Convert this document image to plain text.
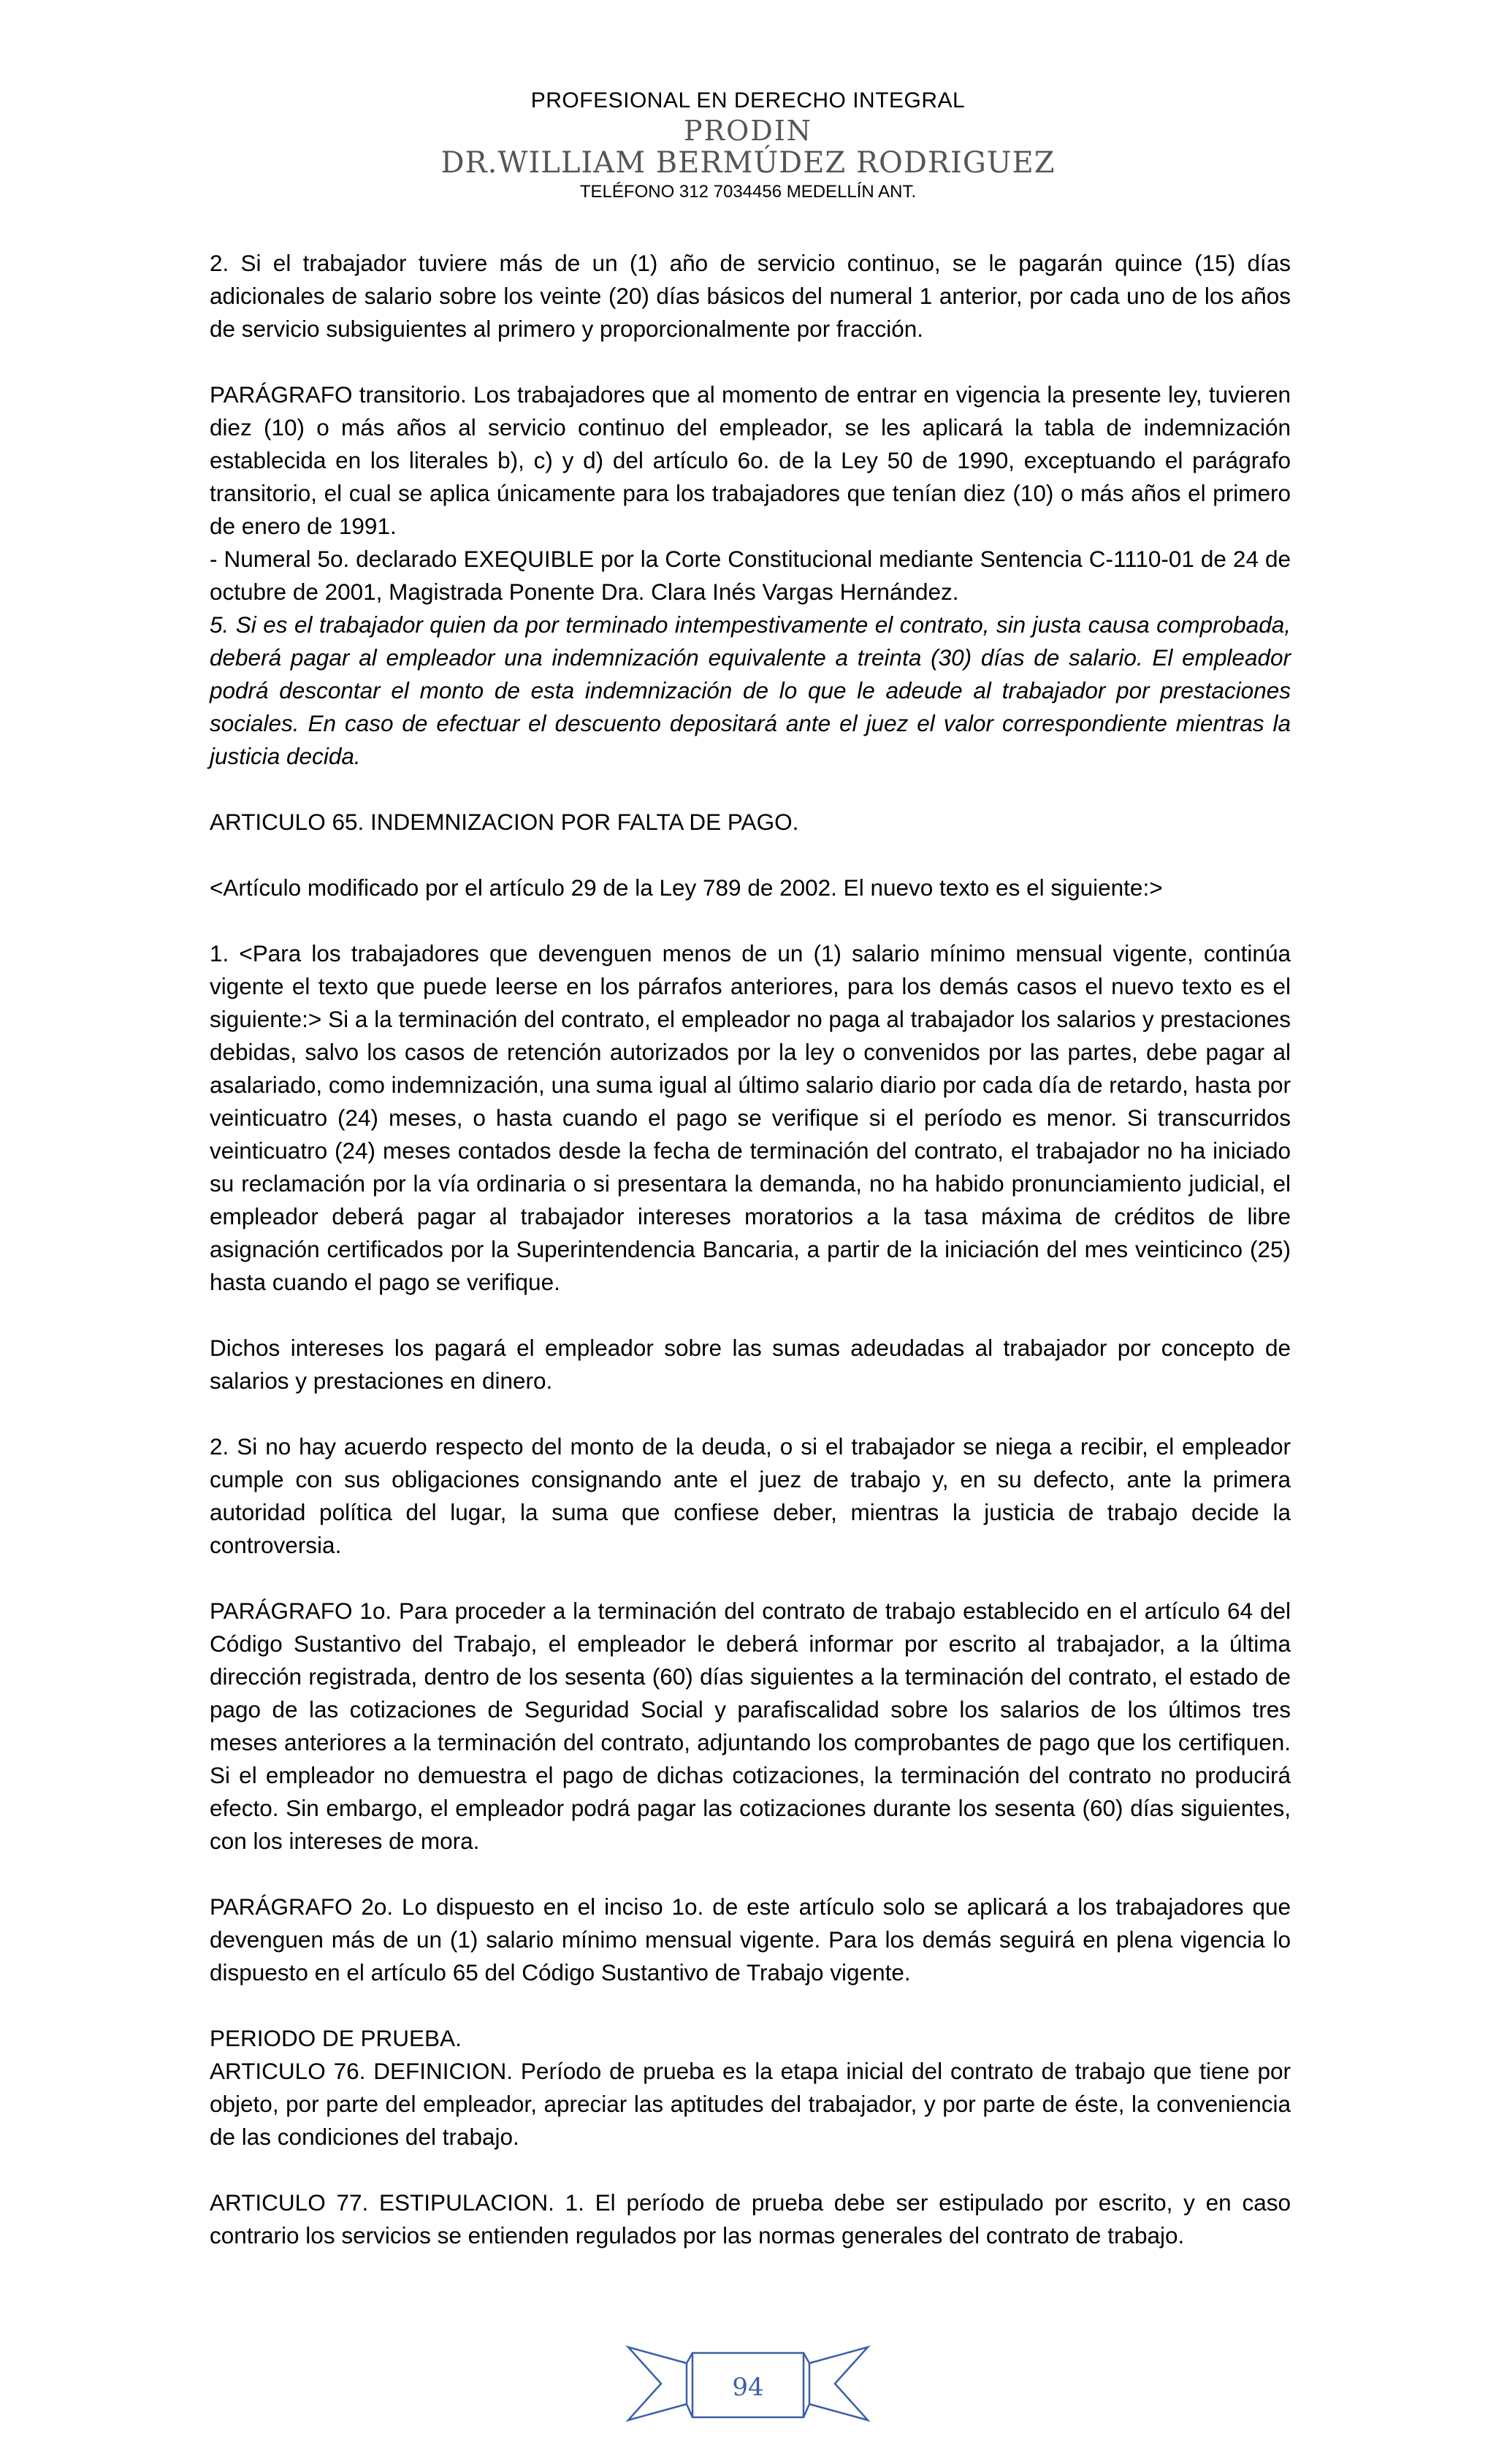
PROFESIONAL EN DERECHO INTEGRAL
PRODIN
DR.WILLIAM BERMÚDEZ RODRIGUEZ
TELÉFONO 312 7034456 MEDELLÍN ANT.

2. Si el trabajador tuviere más de un (1) año de servicio continuo, se le pagarán quince (15) días adicionales de salario sobre los veinte (20) días básicos del numeral 1 anterior, por cada uno de los años de servicio subsiguientes al primero y proporcionalmente por fracción.

PARÁGRAFO transitorio. Los trabajadores que al momento de entrar en vigencia la presente ley, tuvieren diez (10) o más años al servicio continuo del empleador, se les aplicará la tabla de indemnización establecida en los literales b), c) y d) del artículo 6o. de la Ley 50 de 1990, exceptuando el parágrafo transitorio, el cual se aplica únicamente para los trabajadores que tenían diez (10) o más años el primero de enero de 1991.

- Numeral 5o. declarado EXEQUIBLE por la Corte Constitucional mediante Sentencia C-1110-01 de 24 de octubre de 2001, Magistrada Ponente Dra. Clara Inés Vargas Hernández.

5. Si es el trabajador quien da por terminado intempestivamente el contrato, sin justa causa comprobada, deberá pagar al empleador una indemnización equivalente a treinta (30) días de salario. El empleador podrá descontar el monto de esta indemnización de lo que le adeude al trabajador por prestaciones sociales. En caso de efectuar el descuento depositará ante el juez el valor correspondiente mientras la justicia decida.

ARTICULO 65. INDEMNIZACION POR FALTA DE PAGO.

<Artículo modificado por el artículo 29 de la Ley 789 de 2002. El nuevo texto es el siguiente:>

1. <Para los trabajadores que devenguen menos de un (1) salario mínimo mensual vigente, continúa vigente el texto que puede leerse en los párrafos anteriores, para los demás casos el nuevo texto es el siguiente:> Si a la terminación del contrato, el empleador no paga al trabajador los salarios y prestaciones debidas, salvo los casos de retención autorizados por la ley o convenidos por las partes, debe pagar al asalariado, como indemnización, una suma igual al último salario diario por cada día de retardo, hasta por veinticuatro (24) meses, o hasta cuando el pago se verifique si el período es menor. Si transcurridos veinticuatro (24) meses contados desde la fecha de terminación del contrato, el trabajador no ha iniciado su reclamación por la vía ordinaria o si presentara la demanda, no ha habido pronunciamiento judicial, el empleador deberá pagar al trabajador intereses moratorios a la tasa máxima de créditos de libre asignación certificados por la Superintendencia Bancaria, a partir de la iniciación del mes veinticinco (25) hasta cuando el pago se verifique.

Dichos intereses los pagará el empleador sobre las sumas adeudadas al trabajador por concepto de salarios y prestaciones en dinero.

2. Si no hay acuerdo respecto del monto de la deuda, o si el trabajador se niega a recibir, el empleador cumple con sus obligaciones consignando ante el juez de trabajo y, en su defecto, ante la primera autoridad política del lugar, la suma que confiese deber, mientras la justicia de trabajo decide la controversia.

PARÁGRAFO 1o. Para proceder a la terminación del contrato de trabajo establecido en el artículo 64 del Código Sustantivo del Trabajo, el empleador le deberá informar por escrito al trabajador, a la última dirección registrada, dentro de los sesenta (60) días siguientes a la terminación del contrato, el estado de pago de las cotizaciones de Seguridad Social y parafiscalidad sobre los salarios de los últimos tres meses anteriores a la terminación del contrato, adjuntando los comprobantes de pago que los certifiquen. Si el empleador no demuestra el pago de dichas cotizaciones, la terminación del contrato no producirá efecto. Sin embargo, el empleador podrá pagar las cotizaciones durante los sesenta (60) días siguientes, con los intereses de mora.

PARÁGRAFO 2o. Lo dispuesto en el inciso 1o. de este artículo solo se aplicará a los trabajadores que devenguen más de un (1) salario mínimo mensual vigente. Para los demás seguirá en plena vigencia lo dispuesto en el artículo 65 del Código Sustantivo de Trabajo vigente.

PERIODO DE PRUEBA.

ARTICULO 76. DEFINICION. Período de prueba es la etapa inicial del contrato de trabajo que tiene por objeto, por parte del empleador, apreciar las aptitudes del trabajador, y por parte de éste, la conveniencia de las condiciones del trabajo.

ARTICULO 77. ESTIPULACION. 1. El período de prueba debe ser estipulado por escrito, y en caso contrario los servicios se entienden regulados por las normas generales del contrato de trabajo.

94
